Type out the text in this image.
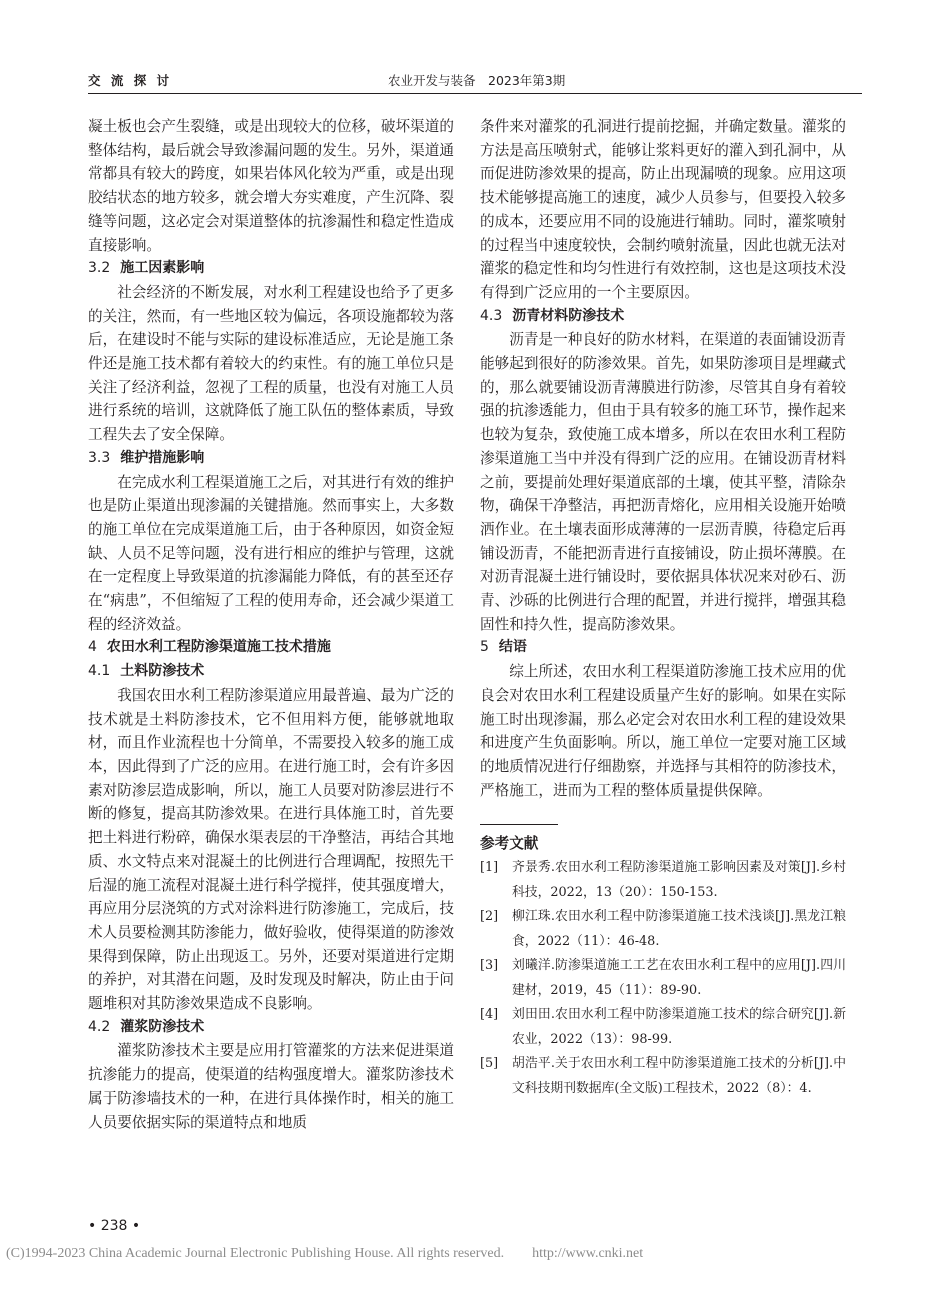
交 流 探 讨	农业开发与装备　2023年第3期

凝土板也会产生裂缝，或是出现较大的位移，破坏渠道的整体结构，最后就会导致渗漏问题的发生。另外，渠道通常都具有较大的跨度，如果岩体风化较为严重，或是出现胶结状态的地方较多，就会增大夯实难度，产生沉降、裂缝等问题，这必定会对渠道整体的抗渗漏性和稳定性造成直接影响。

3.2 施工因素影响

社会经济的不断发展，对水利工程建设也给予了更多的关注，然而，有一些地区较为偏远，各项设施都较为落后，在建设时不能与实际的建设标准适应，无论是施工条件还是施工技术都有着较大的约束性。有的施工单位只是关注了经济利益，忽视了工程的质量，也没有对施工人员进行系统的培训，这就降低了施工队伍的整体素质，导致工程失去了安全保障。

3.3 维护措施影响

在完成水利工程渠道施工之后，对其进行有效的维护也是防止渠道出现渗漏的关键措施。然而事实上，大多数的施工单位在完成渠道施工后，由于各种原因，如资金短缺、人员不足等问题，没有进行相应的维护与管理，这就在一定程度上导致渠道的抗渗漏能力降低，有的甚至还存在“病患”，不但缩短了工程的使用寿命，还会减少渠道工程的经济效益。

4 农田水利工程防渗渠道施工技术措施
4.1 土料防渗技术

我国农田水利工程防渗渠道应用最普遍、最为广泛的技术就是土料防渗技术，它不但用料方便，能够就地取材，而且作业流程也十分简单，不需要投入较多的施工成本，因此得到了广泛的应用。在进行施工时，会有许多因素对防渗层造成影响，所以，施工人员要对防渗层进行不断的修复，提高其防渗效果。在进行具体施工时，首先要把土料进行粉碎，确保水渠表层的干净整洁，再结合其地质、水文特点来对混凝土的比例进行合理调配，按照先干后湿的施工流程对混凝土进行科学搅拌，使其强度增大，再应用分层浇筑的方式对涂料进行防渗施工，完成后，技术人员要检测其防渗能力，做好验收，使得渠道的防渗效果得到保障，防止出现返工。另外，还要对渠道进行定期的养护，对其潜在问题，及时发现及时解决，防止由于问题堆积对其防渗效果造成不良影响。

4.2 灌浆防渗技术

灌浆防渗技术主要是应用打管灌浆的方法来促进渠道抗渗能力的提高，使渠道的结构强度增大。灌浆防渗技术属于防渗墙技术的一种，在进行具体操作时，相关的施工人员要依据实际的渠道特点和地质

条件来对灌浆的孔洞进行提前挖掘，并确定数量。灌浆的方法是高压喷射式，能够让浆料更好的灌入到孔洞中，从而促进防渗效果的提高，防止出现漏喷的现象。应用这项技术能够提高施工的速度，减少人员参与，但要投入较多的成本，还要应用不同的设施进行辅助。同时，灌浆喷射的过程当中速度较快，会制约喷射流量，因此也就无法对灌浆的稳定性和均匀性进行有效控制，这也是这项技术没有得到广泛应用的一个主要原因。

4.3 沥青材料防渗技术

沥青是一种良好的防水材料，在渠道的表面铺设沥青能够起到很好的防渗效果。首先，如果防渗项目是埋藏式的，那么就要铺设沥青薄膜进行防渗，尽管其自身有着较强的抗渗透能力，但由于具有较多的施工环节，操作起来也较为复杂，致使施工成本增多，所以在农田水利工程防渗渠道施工当中并没有得到广泛的应用。在铺设沥青材料之前，要提前处理好渠道底部的土壤，使其平整，清除杂物，确保干净整洁，再把沥青熔化，应用相关设施开始喷洒作业。在土壤表面形成薄薄的一层沥青膜，待稳定后再铺设沥青，不能把沥青进行直接铺设，防止损坏薄膜。在对沥青混凝土进行铺设时，要依据具体状况来对砂石、沥青、沙砾的比例进行合理的配置，并进行搅拌，增强其稳固性和持久性，提高防渗效果。

5 结语

综上所述，农田水利工程渠道防渗施工技术应用的优良会对农田水利工程建设质量产生好的影响。如果在实际施工时出现渗漏，那么必定会对农田水利工程的建设效果和进度产生负面影响。所以，施工单位一定要对施工区域的地质情况进行仔细勘察，并选择与其相符的防渗技术，严格施工，进而为工程的整体质量提供保障。

参考文献

[1] 齐景秀.农田水利工程防渗渠道施工影响因素及对策[J].乡村科技，2022，13（20）：150-153.
[2] 柳江珠.农田水利工程中防渗渠道施工技术浅谈[J].黑龙江粮食，2022（11）：46-48.
[3] 刘曦洋.防渗渠道施工工艺在农田水利工程中的应用[J].四川建材，2019，45（11）：89-90.
[4] 刘田田.农田水利工程中防渗渠道施工技术的综合研究[J].新农业，2022（13）：98-99.
[5] 胡浩平.关于农田水利工程中防渗渠道施工技术的分析[J].中文科技期刊数据库(全文版)工程技术，2022（8）：4.
• 238 •
(C)1994-2023 China Academic Journal Electronic Publishing House. All rights reserved.　　http://www.cnki.net
